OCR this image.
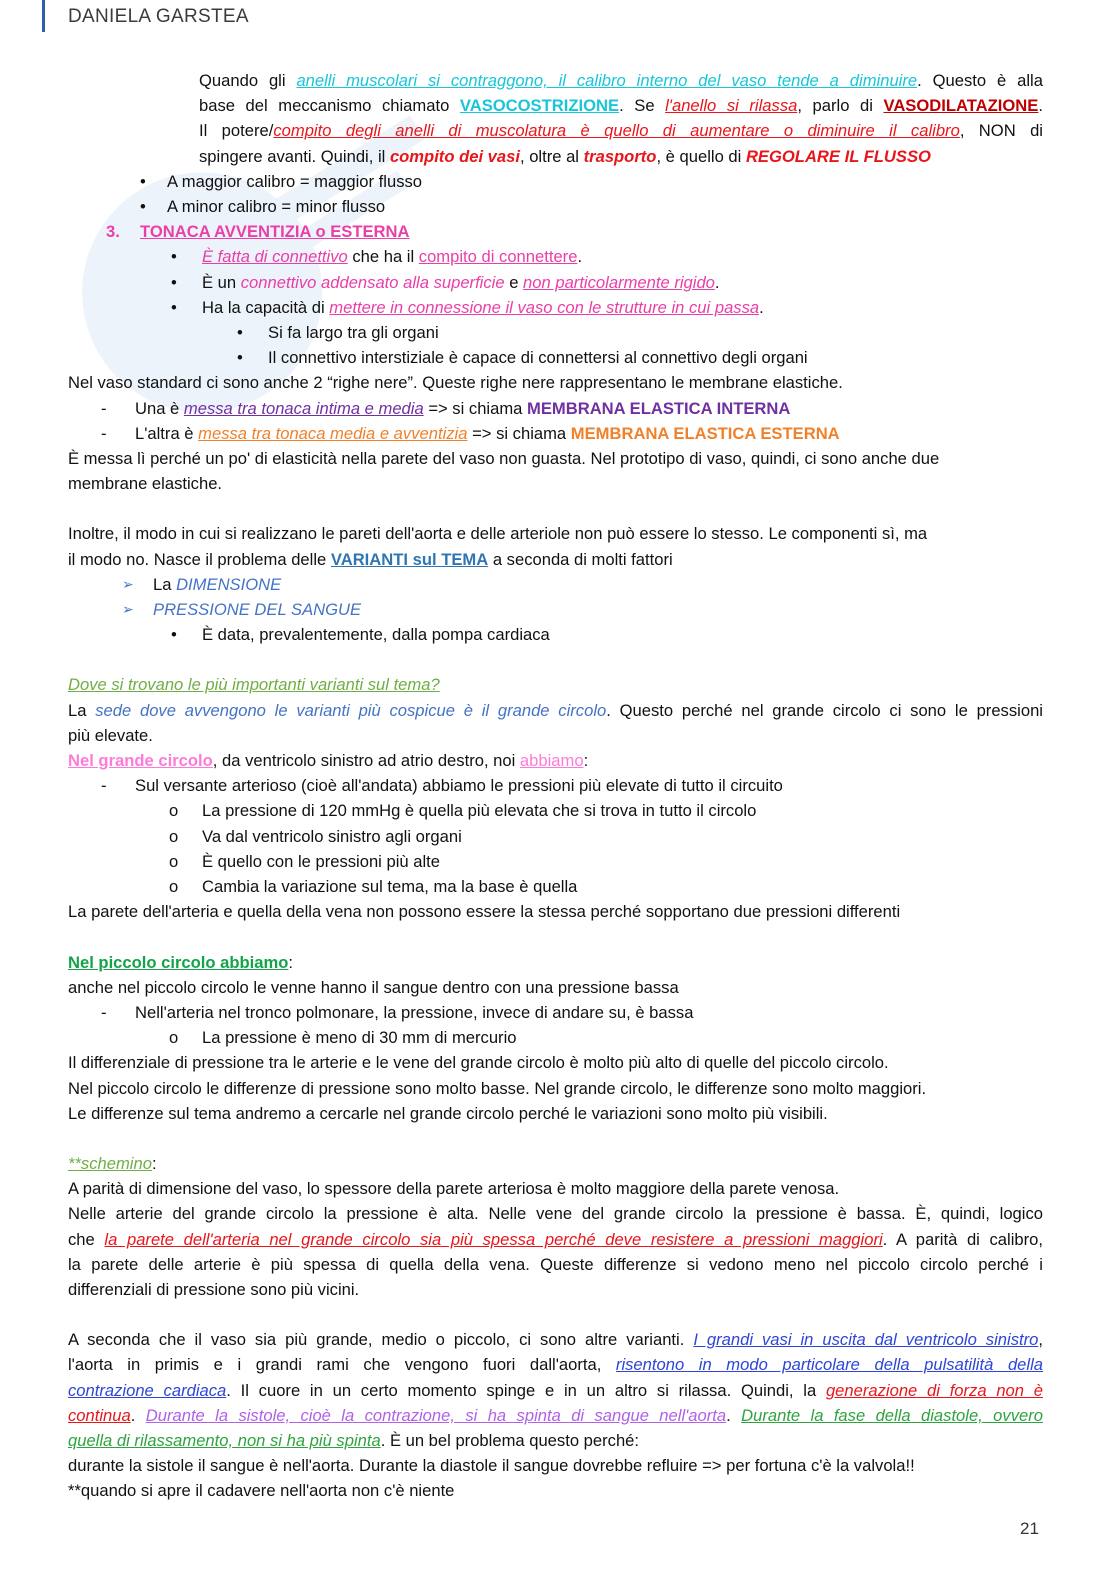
DANIELA GARSTEA
Quando gli anelli muscolari si contraggono, il calibro interno del vaso tende a diminuire. Questo è alla
base del meccanismo chiamato VASOCOSTRIZIONE. Se l'anello si rilassa, parlo di VASODILATAZIONE.
Il potere/compito degli anelli di muscolatura è quello di aumentare o diminuire il calibro, NON di
spingere avanti. Quindi, il compito dei vasi, oltre al trasporto, è quello di REGOLARE IL FLUSSO
• A maggior calibro = maggior flusso
• A minor calibro = minor flusso
3. TONACA AVVENTIZIA o ESTERNA
• È fatta di connettivo che ha il compito di connettere.
• È un connettivo addensato alla superficie e non particolarmente rigido.
• Ha la capacità di mettere in connessione il vaso con le strutture in cui passa.
• Si fa largo tra gli organi
• Il connettivo interstiziale è capace di connettersi al connettivo degli organi
Nel vaso standard ci sono anche 2 “righe nere”. Queste righe nere rappresentano le membrane elastiche.
- Una è messa tra tonaca intima e media => si chiama MEMBRANA ELASTICA INTERNA
- L'altra è messa tra tonaca media e avventizia => si chiama MEMBRANA ELASTICA ESTERNA
È messa lì perché un po' di elasticità nella parete del vaso non guasta. Nel prototipo di vaso, quindi, ci sono anche due
membrane elastiche.
Inoltre, il modo in cui si realizzano le pareti dell'aorta e delle arteriole non può essere lo stesso. Le componenti sì, ma
il modo no. Nasce il problema delle VARIANTI sul TEMA a seconda di molti fattori
➢ La DIMENSIONE
➢ PRESSIONE DEL SANGUE
• È data, prevalentemente, dalla pompa cardiaca
Dove si trovano le più importanti varianti sul tema?
La sede dove avvengono le varianti più cospicue è il grande circolo. Questo perché nel grande circolo ci sono le pressioni
più elevate.
Nel grande circolo, da ventricolo sinistro ad atrio destro, noi abbiamo:
- Sul versante arterioso (cioè all'andata) abbiamo le pressioni più elevate di tutto il circuito
o La pressione di 120 mmHg è quella più elevata che si trova in tutto il circolo
o Va dal ventricolo sinistro agli organi
o È quello con le pressioni più alte
o Cambia la variazione sul tema, ma la base è quella
La parete dell'arteria e quella della vena non possono essere la stessa perché sopportano due pressioni differenti
Nel piccolo circolo abbiamo:
anche nel piccolo circolo le venne hanno il sangue dentro con una pressione bassa
- Nell'arteria nel tronco polmonare, la pressione, invece di andare su, è bassa
o La pressione è meno di 30 mm di mercurio
Il differenziale di pressione tra le arterie e le vene del grande circolo è molto più alto di quelle del piccolo circolo.
Nel piccolo circolo le differenze di pressione sono molto basse. Nel grande circolo, le differenze sono molto maggiori.
Le differenze sul tema andremo a cercarle nel grande circolo perché le variazioni sono molto più visibili.
**schemino:
A parità di dimensione del vaso, lo spessore della parete arteriosa è molto maggiore della parete venosa.
Nelle arterie del grande circolo la pressione è alta. Nelle vene del grande circolo la pressione è bassa. È, quindi, logico
che la parete dell'arteria nel grande circolo sia più spessa perché deve resistere a pressioni maggiori. A parità di calibro,
la parete delle arterie è più spessa di quella della vena. Queste differenze si vedono meno nel piccolo circolo perché i
differenziali di pressione sono più vicini.
A seconda che il vaso sia più grande, medio o piccolo, ci sono altre varianti. I grandi vasi in uscita dal ventricolo sinistro,
l'aorta in primis e i grandi rami che vengono fuori dall'aorta, risentono in modo particolare della pulsatilità della
contrazione cardiaca. Il cuore in un certo momento spinge e in un altro si rilassa. Quindi, la generazione di forza non è
continua. Durante la sistole, cioè la contrazione, si ha spinta di sangue nell'aorta. Durante la fase della diastole, ovvero
quella di rilassamento, non si ha più spinta. È un bel problema questo perché:
durante la sistole il sangue è nell'aorta. Durante la diastole il sangue dovrebbe refluire => per fortuna c'è la valvola!!
**quando si apre il cadavere nell'aorta non c'è niente
21
